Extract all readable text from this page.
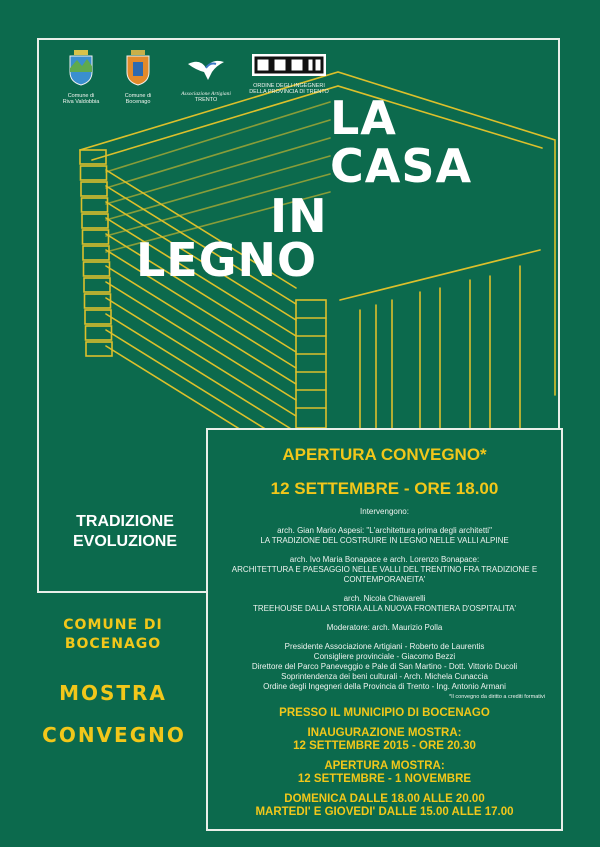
Comune di
Riva Valdobbia
Comune di
Bocenago
Associazione Artigiani
TRENTO
ORDINE DEGLI INGEGNERI
DELLA PROVINCIA DI TRENTO LA
CASA
IN
LEGNO
TRADIZIONE
EVOLUZIONE
COMUNE DI
BOCENAGO
MOSTRA
CONVEGNO
APERTURA CONVEGNO*
12 SETTEMBRE - ORE 18.00
Intervengono:
arch. Gian Mario Aspesi: "L'architettura prima degli architetti"
LA TRADIZIONE DEL COSTRUIRE IN LEGNO NELLE VALLI ALPINE
arch. Ivo Maria Bonapace e arch. Lorenzo Bonapace:
ARCHITETTURA E PAESAGGIO NELLE VALLI DEL TRENTINO FRA TRADIZIONE E CONTEMPORANEITA'
arch. Nicola Chiavarelli
TREEHOUSE DALLA STORIA ALLA NUOVA FRONTIERA D'OSPITALITA'
Moderatore: arch. Maurizio Polla
Presidente Associazione Artigiani - Roberto de Laurentis
Consigliere provinciale - Giacomo Bezzi
Direttore del Parco Paneveggio e Pale di San Martino - Dott. Vittorio Ducoli
Soprintendenza dei beni culturali - Arch. Michela Cunaccia
Ordine degli Ingegneri della Provincia di Trento - Ing. Antonio Armani
*Il convegno da diritto a crediti formativi
PRESSO IL MUNICIPIO DI BOCENAGO
INAUGURAZIONE MOSTRA:
12 SETTEMBRE 2015 - ORE 20.30
APERTURA MOSTRA:
12 SETTEMBRE - 1 NOVEMBRE
DOMENICA DALLE 18.00 ALLE 20.00
MARTEDI' E GIOVEDI' DALLE 15.00 ALLE 17.00
